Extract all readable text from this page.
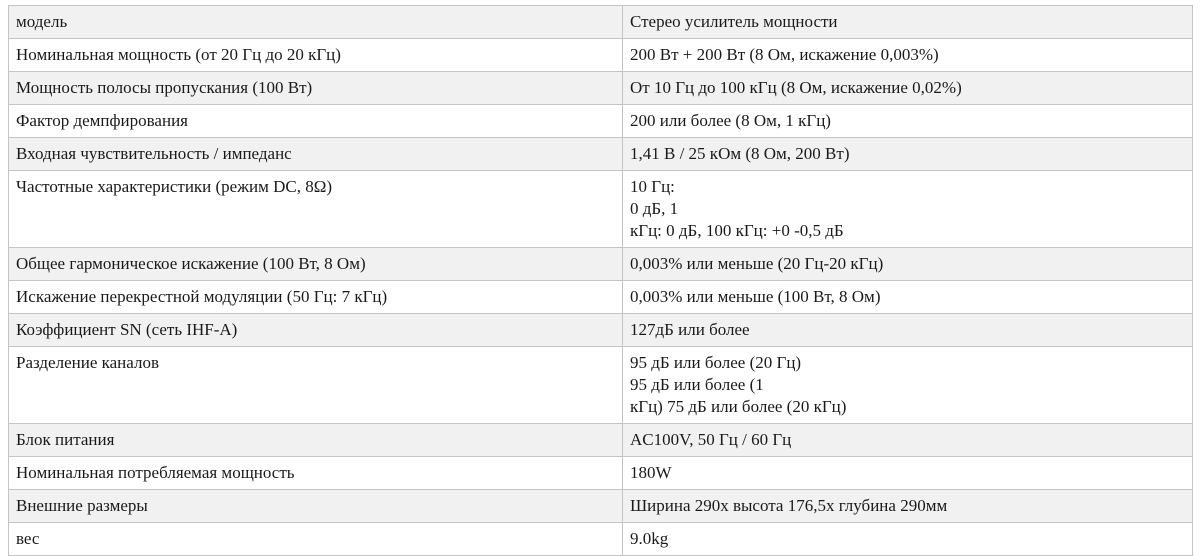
модель	Стерео усилитель мощности

Номинальная мощность (от 20 Гц до 20 кГц)	200 Вт + 200 Вт (8 Ом, искажение 0,003%)

Мощность полосы пропускания (100 Вт)	От 10 Гц до 100 кГц (8 Ом, искажение 0,02%)

Фактор демпфирования	200 или более (8 Ом, 1 кГц)

Входная чувствительность / импеданс	1,41 В / 25 кОм (8 Ом, 200 Вт)

Частотные характеристики (режим DC, 8Ω)	10 Гц:
0 дБ, 1
кГц: 0 дБ, 100 кГц: +0 -0,5 дБ

Общее гармоническое искажение (100 Вт, 8 Ом)	0,003% или меньше (20 Гц-20 кГц)

Искажение перекрестной модуляции (50 Гц: 7 кГц)	0,003% или меньше (100 Вт, 8 Ом)

Коэффициент SN (сеть IHF-A)	127дБ или более

Разделение каналов	95 дБ или более (20 Гц)
95 дБ или более (1
кГц) 75 дБ или более (20 кГц)

Блок питания	AC100V, 50 Гц / 60 Гц

Номинальная потребляемая мощность	180W

Внешние размеры	Ширина 290x высота 176,5x глубина 290мм

вес	9.0kg
